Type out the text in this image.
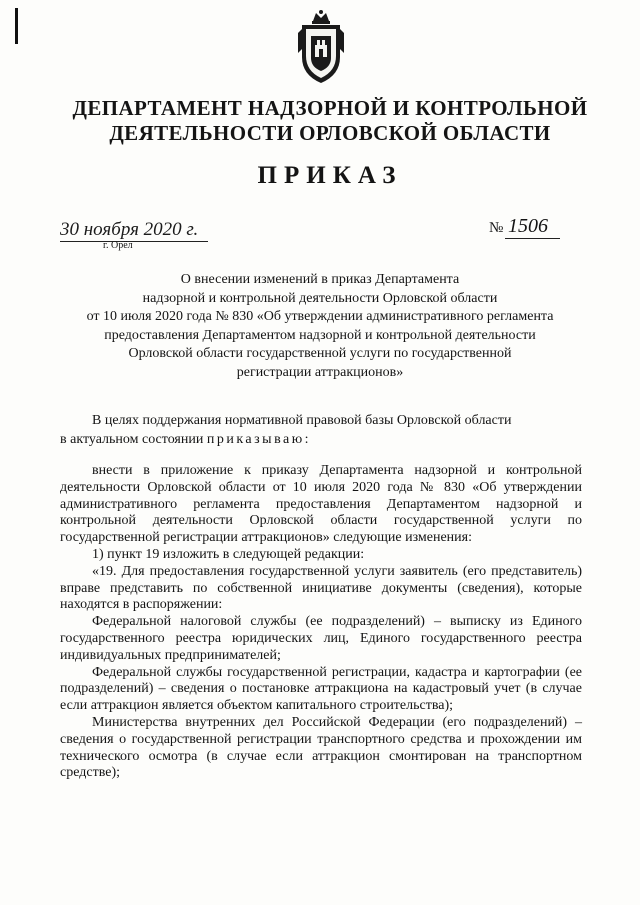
ДЕПАРТАМЕНТ НАДЗОРНОЙ И КОНТРОЛЬНОЙ
ДЕЯТЕЛЬНОСТИ ОРЛОВСКОЙ ОБЛАСТИ
ПРИКАЗ
30 ноября 2020 г.
г. Орёл
№ 1506
О внесении изменений в приказ Департамента
надзорной и контрольной деятельности Орловской области
от 10 июля 2020 года № 830 «Об утверждении административного регламента
предоставления Департаментом надзорной и контрольной деятельности
Орловской области государственной услуги по государственной
регистрации аттракционов»
В целях поддержания нормативной правовой базы Орловской области
в актуальном состоянии приказываю:

внести в приложение к приказу Департамента надзорной и контрольной деятельности Орловской области от 10 июля 2020 года № 830 «Об утверждении административного регламента предоставления Департаментом надзорной и контрольной деятельности Орловской области государственной услуги по государственной регистрации аттракционов» следующие изменения:

1) пункт 19 изложить в следующей редакции:

«19. Для предоставления государственной услуги заявитель (его представитель) вправе представить по собственной инициативе документы (сведения), которые находятся в распоряжении:

Федеральной налоговой службы (ее подразделений) – выписку из Единого государственного реестра юридических лиц, Единого государственного реестра индивидуальных предпринимателей;

Федеральной службы государственной регистрации, кадастра и картографии (ее подразделений) – сведения о постановке аттракциона на кадастровый учет (в случае если аттракцион является объектом капитального строительства);

Министерства внутренних дел Российской Федерации (его подразделений) – сведения о государственной регистрации транспортного средства и прохождении им технического осмотра (в случае если аттракцион смонтирован на транспортном средстве);
